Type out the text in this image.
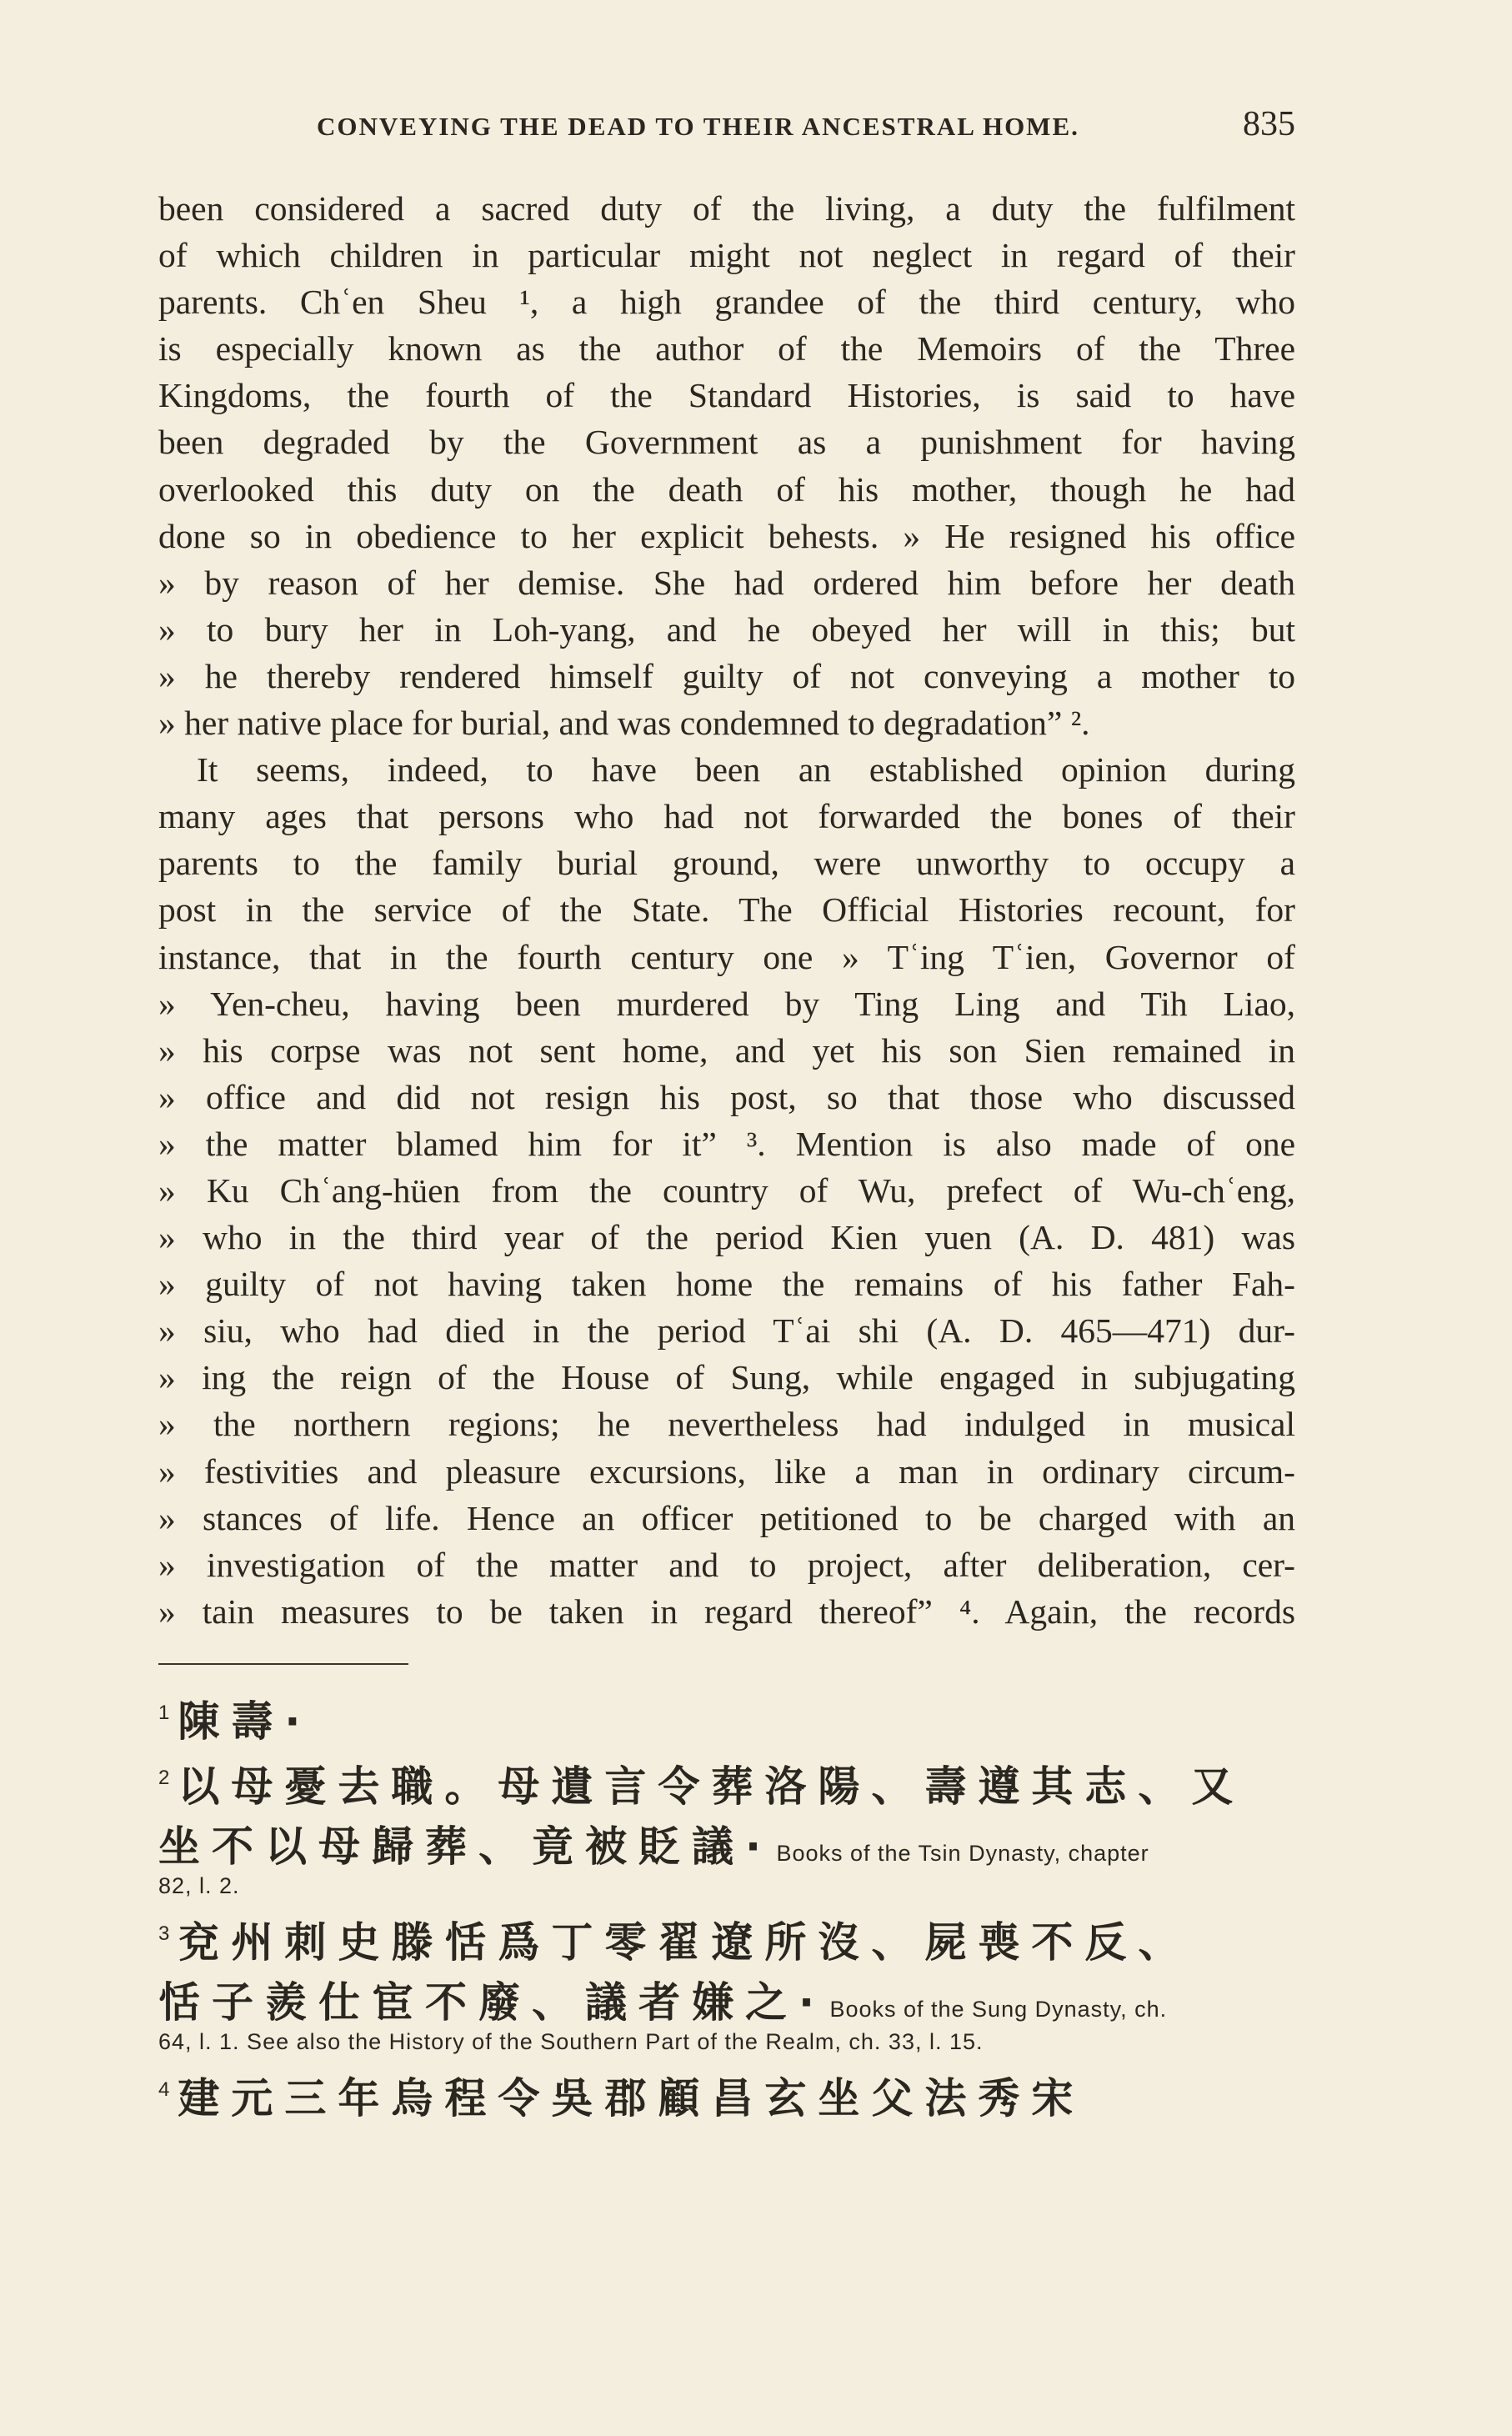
CONVEYING THE DEAD TO THEIR ANCESTRAL HOME.	835
been considered a sacred duty of the living, a duty the fulfilment
of which children in particular might not neglect in regard of their
parents. Chʿen Sheu ¹, a high grandee of the third century, who
is especially known as the author of the Memoirs of the Three
Kingdoms, the fourth of the Standard Histories, is said to have
been degraded by the Government as a punishment for having
overlooked this duty on the death of his mother, though he had
done so in obedience to her explicit behests. » He resigned his office
» by reason of her demise. She had ordered him before her death
» to bury her in Loh-yang, and he obeyed her will in this; but
» he thereby rendered himself guilty of not conveying a mother to
» her native place for burial, and was condemned to degradation” ².
It seems, indeed, to have been an established opinion during
many ages that persons who had not forwarded the bones of their
parents to the family burial ground, were unworthy to occupy a
post in the service of the State. The Official Histories recount, for
instance, that in the fourth century one » Tʿing Tʿien, Governor of
» Yen-cheu, having been murdered by Ting Ling and Tih Liao,
» his corpse was not sent home, and yet his son Sien remained in
» office and did not resign his post, so that those who discussed
» the matter blamed him for it” ³. Mention is also made of one
» Ku Chʿang-hüen from the country of Wu, prefect of Wu-chʿeng,
» who in the third year of the period Kien yuen (A. D. 481) was
» guilty of not having taken home the remains of his father Fah-
» siu, who had died in the period Tʿai shi (A. D. 465—471) dur-
» ing the reign of the House of Sung, while engaged in subjugating
» the northern regions; he nevertheless had indulged in musical
» festivities and pleasure excursions, like a man in ordinary circum-
» stances of life. Hence an officer petitioned to be charged with an
» investigation of the matter and to project, after deliberation, cer-
» tain measures to be taken in regard thereof” ⁴. Again, the records
1 陳壽·
2 以母憂去職。母遺言令葬洛陽、壽遵其志、又
坐不以母歸葬、竟被貶議· Books of the Tsin Dynasty, chapter
82, l. 2.
3 兗州刺史滕恬爲丁零翟遼所沒、屍喪不反、
恬子羨仕宦不廢、議者嫌之· Books of the Sung Dynasty, ch.
64, l. 1. See also the History of the Southern Part of the Realm, ch. 33, l. 15.
4 建元三年烏程令吳郡顧昌玄坐父法秀宋
